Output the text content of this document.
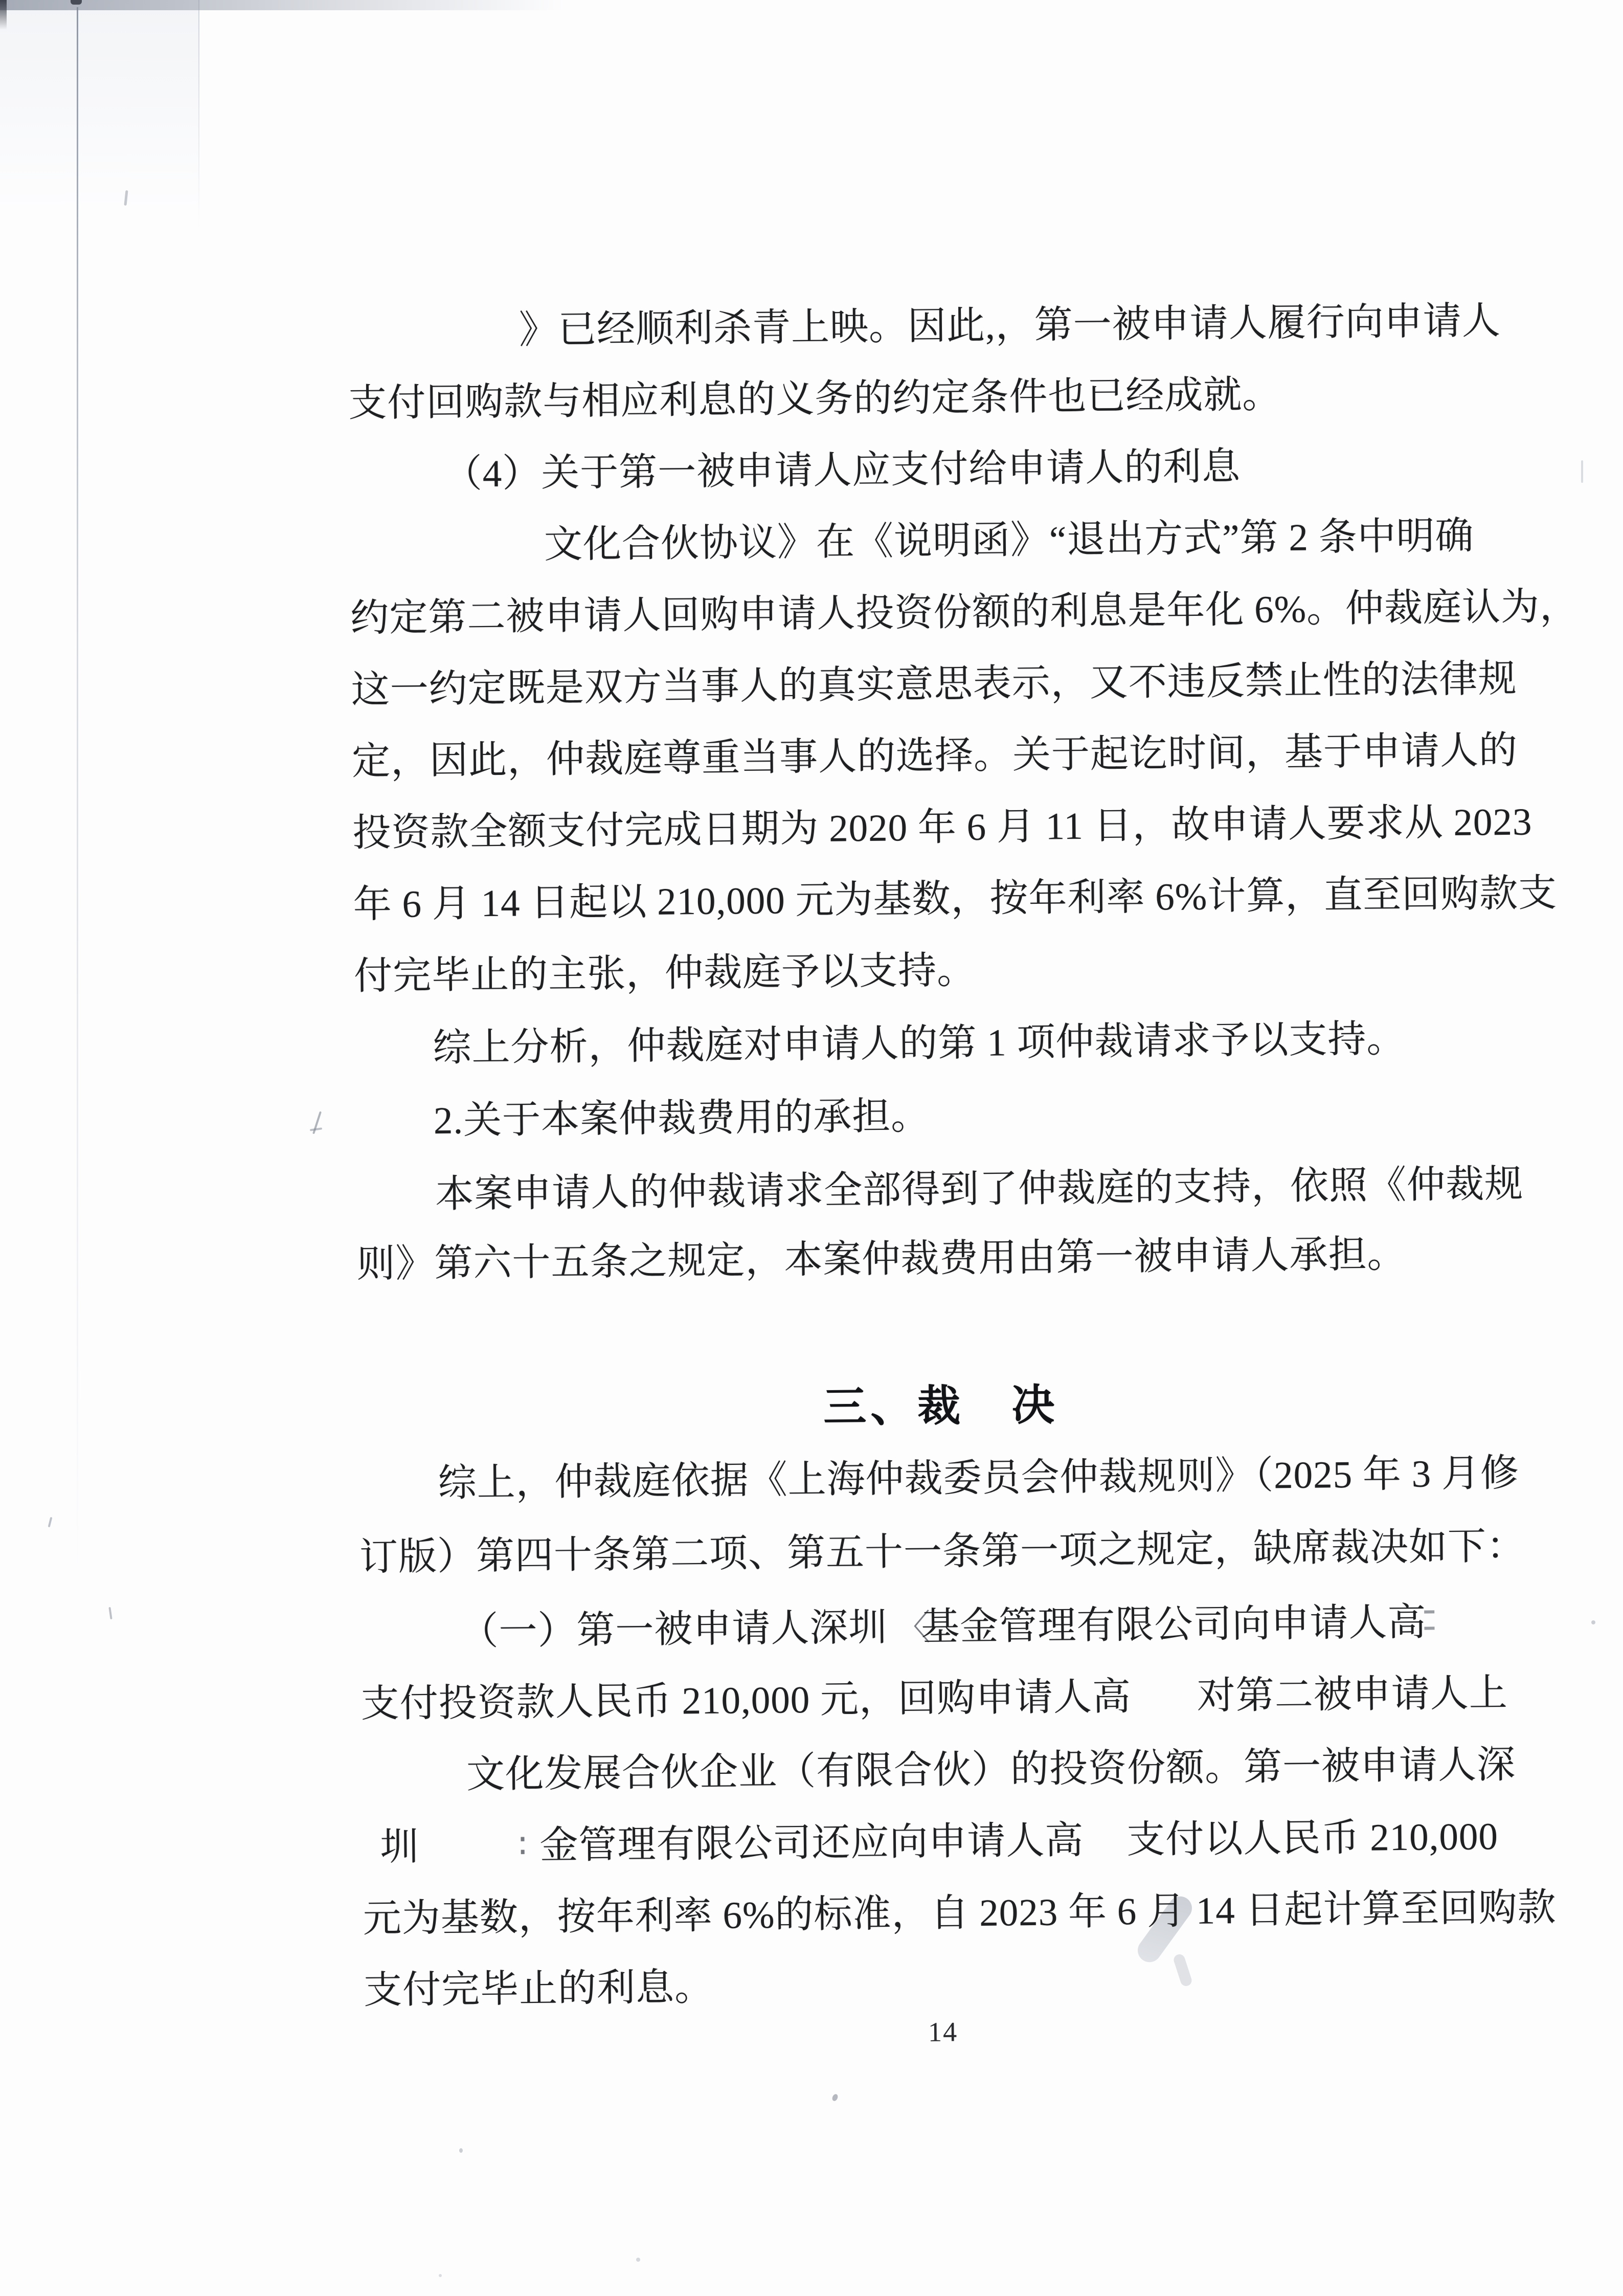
》已经顺利杀青上映。因此,，第一被申请人履行向申请人
支付回购款与相应利息的义务的约定条件也已经成就。
（4）关于第一被申请人应支付给申请人的利息
文化合伙协议》在《说明函》“退出方式”第 2 条中明确
约定第二被申请人回购申请人投资份额的利息是年化 6%。仲裁庭认为，
这一约定既是双方当事人的真实意思表示，又不违反禁止性的法律规
定，因此，仲裁庭尊重当事人的选择。关于起讫时间，基于申请人的
投资款全额支付完成日期为 2020 年 6 月 11 日，故申请人要求从 2023
年 6 月 14 日起以 210,000 元为基数，按年利率 6%计算，直至回购款支
付完毕止的主张，仲裁庭予以支持。
综上分析，仲裁庭对申请人的第 1 项仲裁请求予以支持。
2.关于本案仲裁费用的承担。
本案申请人的仲裁请求全部得到了仲裁庭的支持，依照《仲裁规
则》第六十五条之规定，本案仲裁费用由第一被申请人承担。
三、裁　决
综上，仲裁庭依据《上海仲裁委员会仲裁规则》（2025 年 3 月修
订版）第四十条第二项、第五十一条第一项之规定，缺席裁决如下：
（一）第一被申请人深圳 〈
基金管理有限公司向申请人高
支付投资款人民币 210,000 元，回购申请人高 对第二被申请人上
文化发展合伙企业（有限合伙）的投资份额。第一被申请人深
圳	∶ 金管理有限公司还应向申请人高 支付以人民币 210,000
元为基数，按年利率 6%的标准，自 2023 年 6 月 14 日起计算至回购款
支付完毕止的利息。
14
